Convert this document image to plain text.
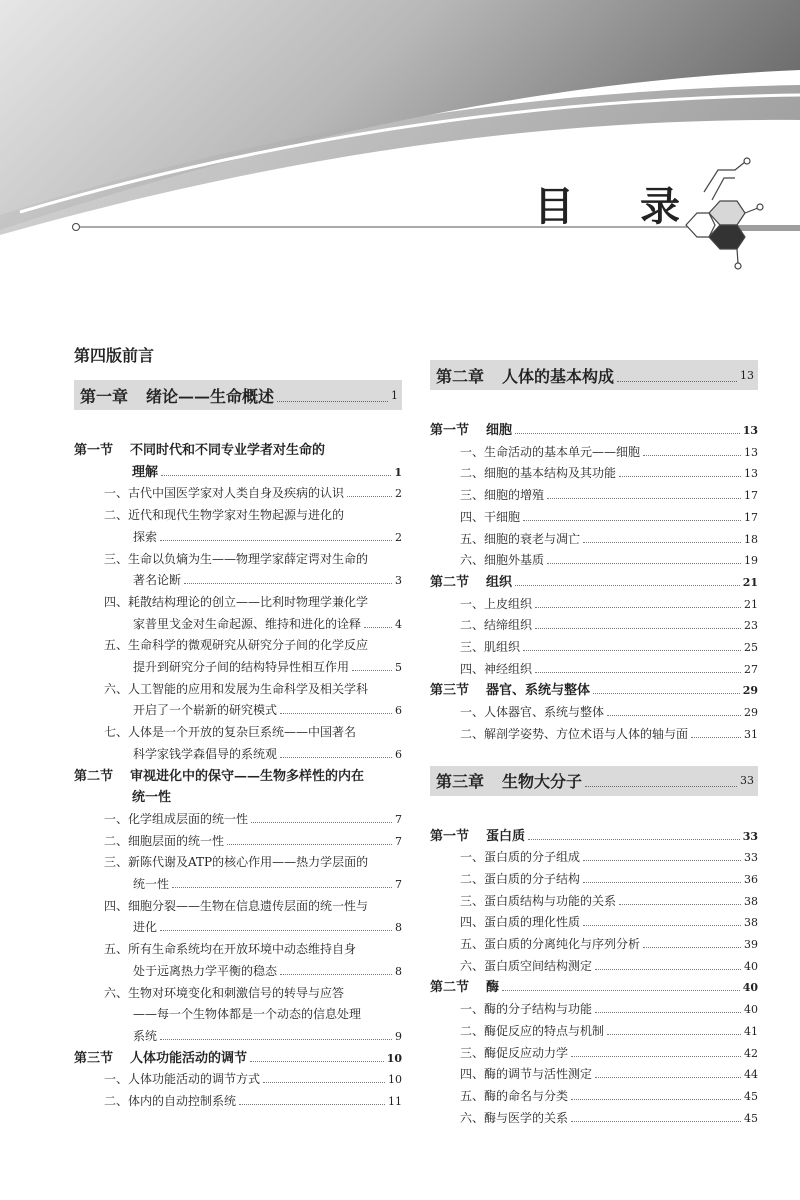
目 录
第四版前言
第一章 绪论——生命概述	1
第一节	不同时代和不同专业学者对生命的
理解	1
一、古代中国医学家对人类自身及疾病的认识	2
二、近代和现代生物学家对生物起源与进化的
探索	2
三、生命以负熵为生——物理学家薛定谔对生命的
著名论断	3
四、耗散结构理论的创立——比利时物理学兼化学
家普里戈金对生命起源、维持和进化的诠释	4
五、生命科学的微观研究从研究分子间的化学反应
提升到研究分子间的结构特异性相互作用	5
六、人工智能的应用和发展为生命科学及相关学科
开启了一个崭新的研究模式	6
七、人体是一个开放的复杂巨系统——中国著名
科学家钱学森倡导的系统观	6
第二节	审视进化中的保守——生物多样性的内在
统一性
一、化学组成层面的统一性	7
二、细胞层面的统一性	7
三、新陈代谢及ATP的核心作用——热力学层面的
统一性	7
四、细胞分裂——生物在信息遗传层面的统一性与
进化	8
五、所有生命系统均在开放环境中动态维持自身
处于远离热力学平衡的稳态	8
六、生物对环境变化和刺激信号的转导与应答
——每一个生物体都是一个动态的信息处理
系统	9
第三节	人体功能活动的调节	10
一、人体功能活动的调节方式	10
二、体内的自动控制系统	11
第二章 人体的基本构成	13
第一节	细胞	13
一、生命活动的基本单元——细胞	13
二、细胞的基本结构及其功能	13
三、细胞的增殖	17
四、干细胞	17
五、细胞的衰老与凋亡	18
六、细胞外基质	19
第二节	组织	21
一、上皮组织	21
二、结缔组织	23
三、肌组织	25
四、神经组织	27
第三节	器官、系统与整体	29
一、人体器官、系统与整体	29
二、解剖学姿势、方位术语与人体的轴与面	31
第三章 生物大分子	33
第一节	蛋白质	33
一、蛋白质的分子组成	33
二、蛋白质的分子结构	36
三、蛋白质结构与功能的关系	38
四、蛋白质的理化性质	38
五、蛋白质的分离纯化与序列分析	39
六、蛋白质空间结构测定	40
第二节	酶	40
一、酶的分子结构与功能	40
二、酶促反应的特点与机制	41
三、酶促反应动力学	42
四、酶的调节与活性测定	44
五、酶的命名与分类	45
六、酶与医学的关系	45
